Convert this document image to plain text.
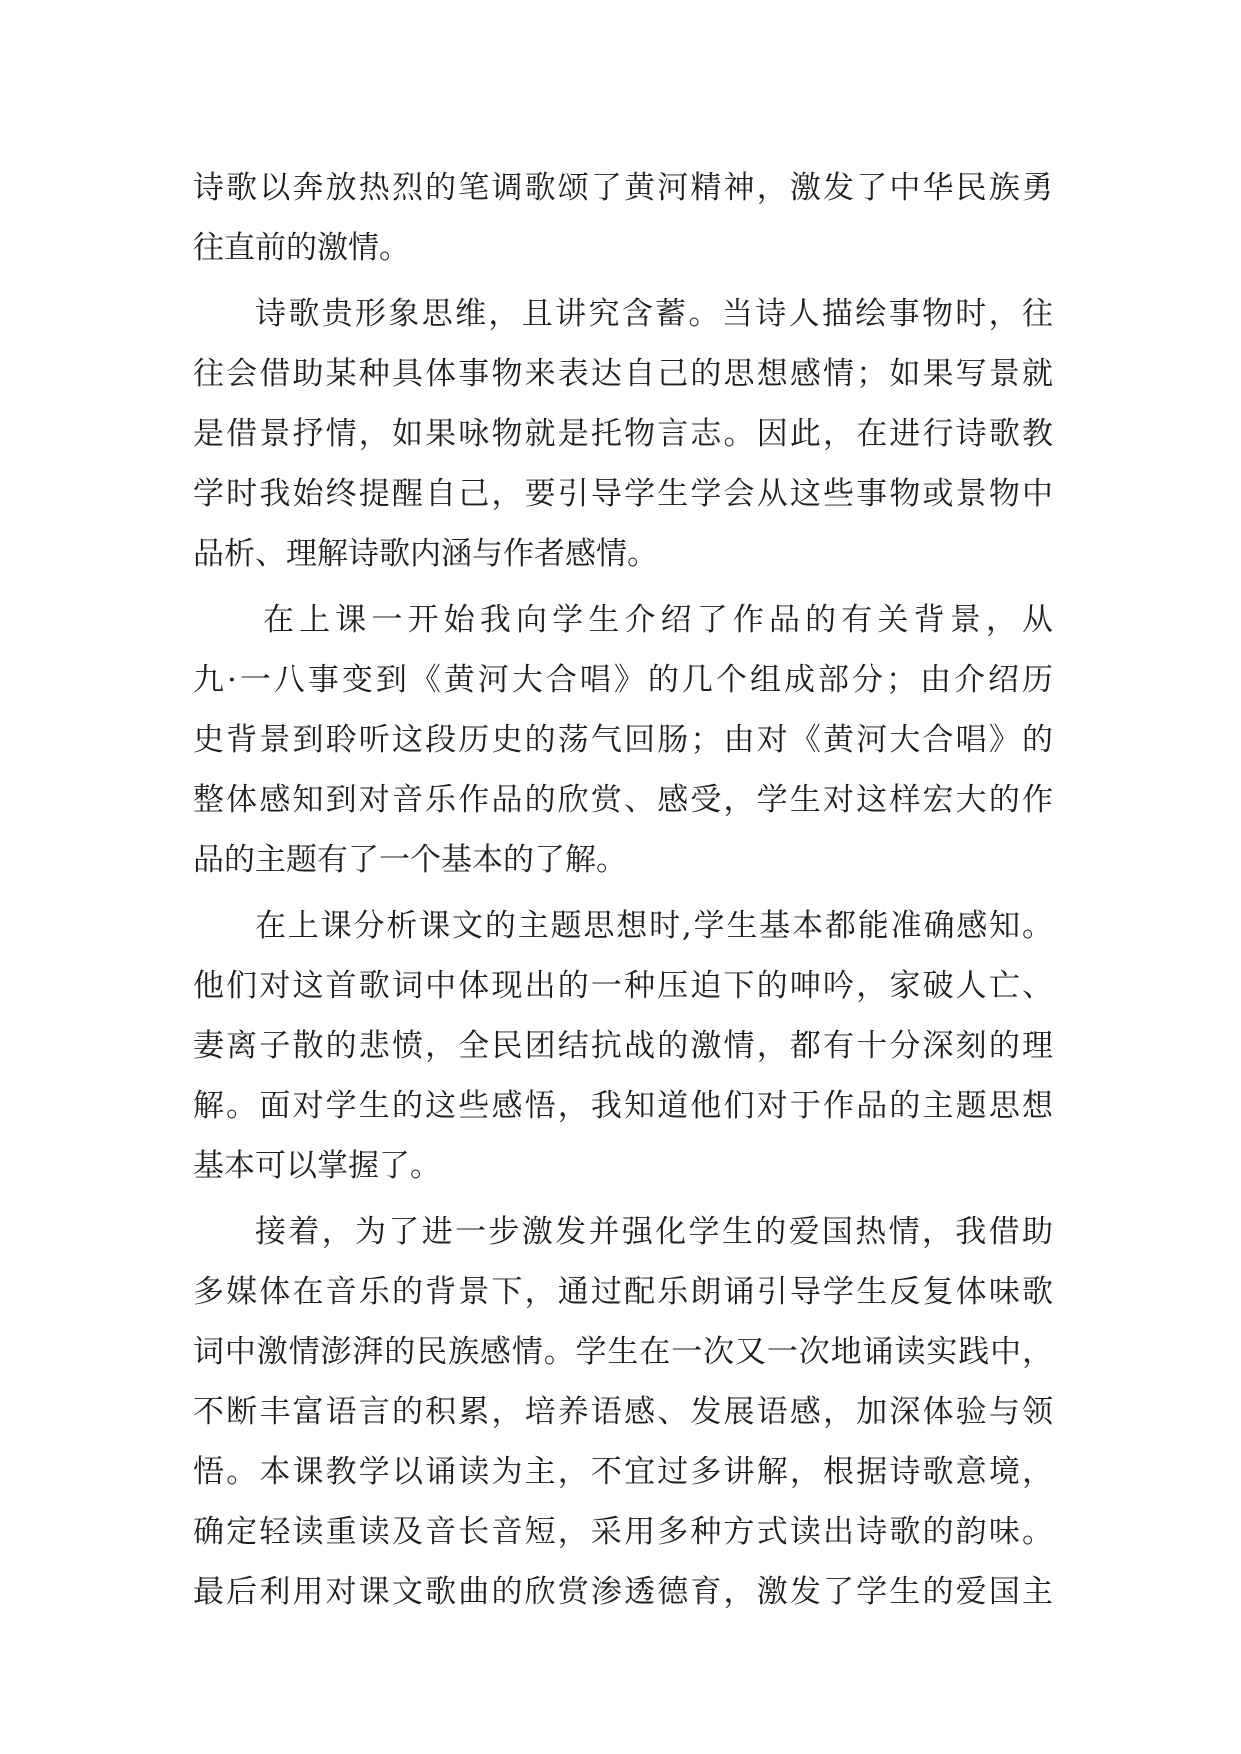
诗歌以奔放热烈的笔调歌颂了黄河精神，激发了中华民族勇
往直前的激情。
诗歌贵形象思维，且讲究含蓄。当诗人描绘事物时，往
往会借助某种具体事物来表达自己的思想感情；如果写景就
是借景抒情，如果咏物就是托物言志。因此，在进行诗歌教
学时我始终提醒自己，要引导学生学会从这些事物或景物中
品析、理解诗歌内涵与作者感情。
在上课一开始我向学生介绍了作品的有关背景，从
九·一八事变到《黄河大合唱》的几个组成部分；由介绍历
史背景到聆听这段历史的荡气回肠；由对《黄河大合唱》的
整体感知到对音乐作品的欣赏、感受，学生对这样宏大的作
品的主题有了一个基本的了解。
在上课分析课文的主题思想时,学生基本都能准确感知。
他们对这首歌词中体现出的一种压迫下的呻吟，家破人亡、
妻离子散的悲愤，全民团结抗战的激情，都有十分深刻的理
解。面对学生的这些感悟，我知道他们对于作品的主题思想
基本可以掌握了。
接着，为了进一步激发并强化学生的爱国热情，我借助
多媒体在音乐的背景下，通过配乐朗诵引导学生反复体味歌
词中激情澎湃的民族感情。学生在一次又一次地诵读实践中，
不断丰富语言的积累，培养语感、发展语感，加深体验与领
悟。本课教学以诵读为主，不宜过多讲解，根据诗歌意境，
确定轻读重读及音长音短，采用多种方式读出诗歌的韵味。
最后利用对课文歌曲的欣赏渗透德育，激发了学生的爱国主
